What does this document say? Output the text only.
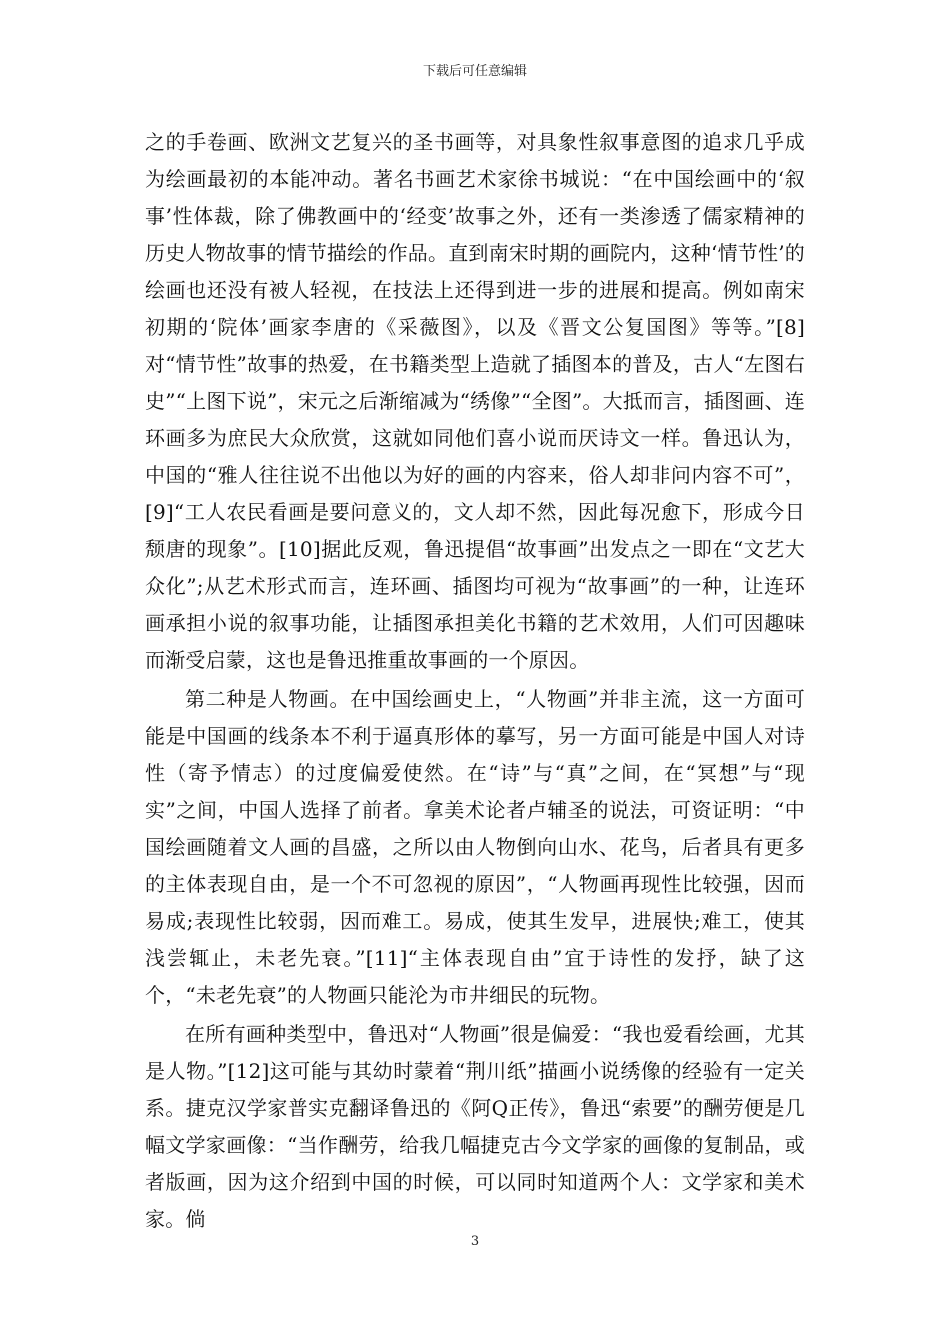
下载后可任意编辑

之的手卷画、欧洲文艺复兴的圣书画等，对具象性叙事意图的追求几乎成为绘画最初的本能冲动。著名书画艺术家徐书城说：“在中国绘画中的‘叙事’性体裁，除了佛教画中的‘经变’故事之外，还有一类渗透了儒家精神的历史人物故事的情节描绘的作品。直到南宋时期的画院内，这种‘情节性’的绘画也还没有被人轻视，在技法上还得到进一步的进展和提高。例如南宋初期的‘院体’画家李唐的《采薇图》，以及《晋文公复国图》等等。”[8]对“情节性”故事的热爱，在书籍类型上造就了插图本的普及，古人“左图右史”“上图下说”，宋元之后渐缩减为“绣像”“全图”。大抵而言，插图画、连环画多为庶民大众欣赏，这就如同他们喜小说而厌诗文一样。鲁迅认为，中国的“雅人往往说不出他以为好的画的内容来，俗人却非问内容不可”，[9]“工人农民看画是要问意义的，文人却不然，因此每况愈下，形成今日颓唐的现象”。[10]据此反观，鲁迅提倡“故事画”出发点之一即在“文艺大众化”;从艺术形式而言，连环画、插图均可视为“故事画”的一种，让连环画承担小说的叙事功能，让插图承担美化书籍的艺术效用，人们可因趣味而渐受启蒙，这也是鲁迅推重故事画的一个原因。

第二种是人物画。在中国绘画史上，“人物画”并非主流，这一方面可能是中国画的线条本不利于逼真形体的摹写，另一方面可能是中国人对诗性（寄予情志）的过度偏爱使然。在“诗”与“真”之间，在“冥想”与“现实”之间，中国人选择了前者。拿美术论者卢辅圣的说法，可资证明：“中国绘画随着文人画的昌盛，之所以由人物倒向山水、花鸟，后者具有更多的主体表现自由，是一个不可忽视的原因”，“人物画再现性比较强，因而易成;表现性比较弱，因而难工。易成，使其生发早，进展快;难工，使其浅尝辄止，未老先衰。”[11]“主体表现自由”宜于诗性的发抒，缺了这个，“未老先衰”的人物画只能沦为市井细民的玩物。

在所有画种类型中，鲁迅对“人物画”很是偏爱：“我也爱看绘画，尤其是人物。”[12]这可能与其幼时蒙着“荆川纸”描画小说绣像的经验有一定关系。捷克汉学家普实克翻译鲁迅的《阿Q正传》，鲁迅“索要”的酬劳便是几幅文学家画像：“当作酬劳，给我几幅捷克古今文学家的画像的复制品，或者版画，因为这介绍到中国的时候，可以同时知道两个人：文学家和美术家。倘

3
